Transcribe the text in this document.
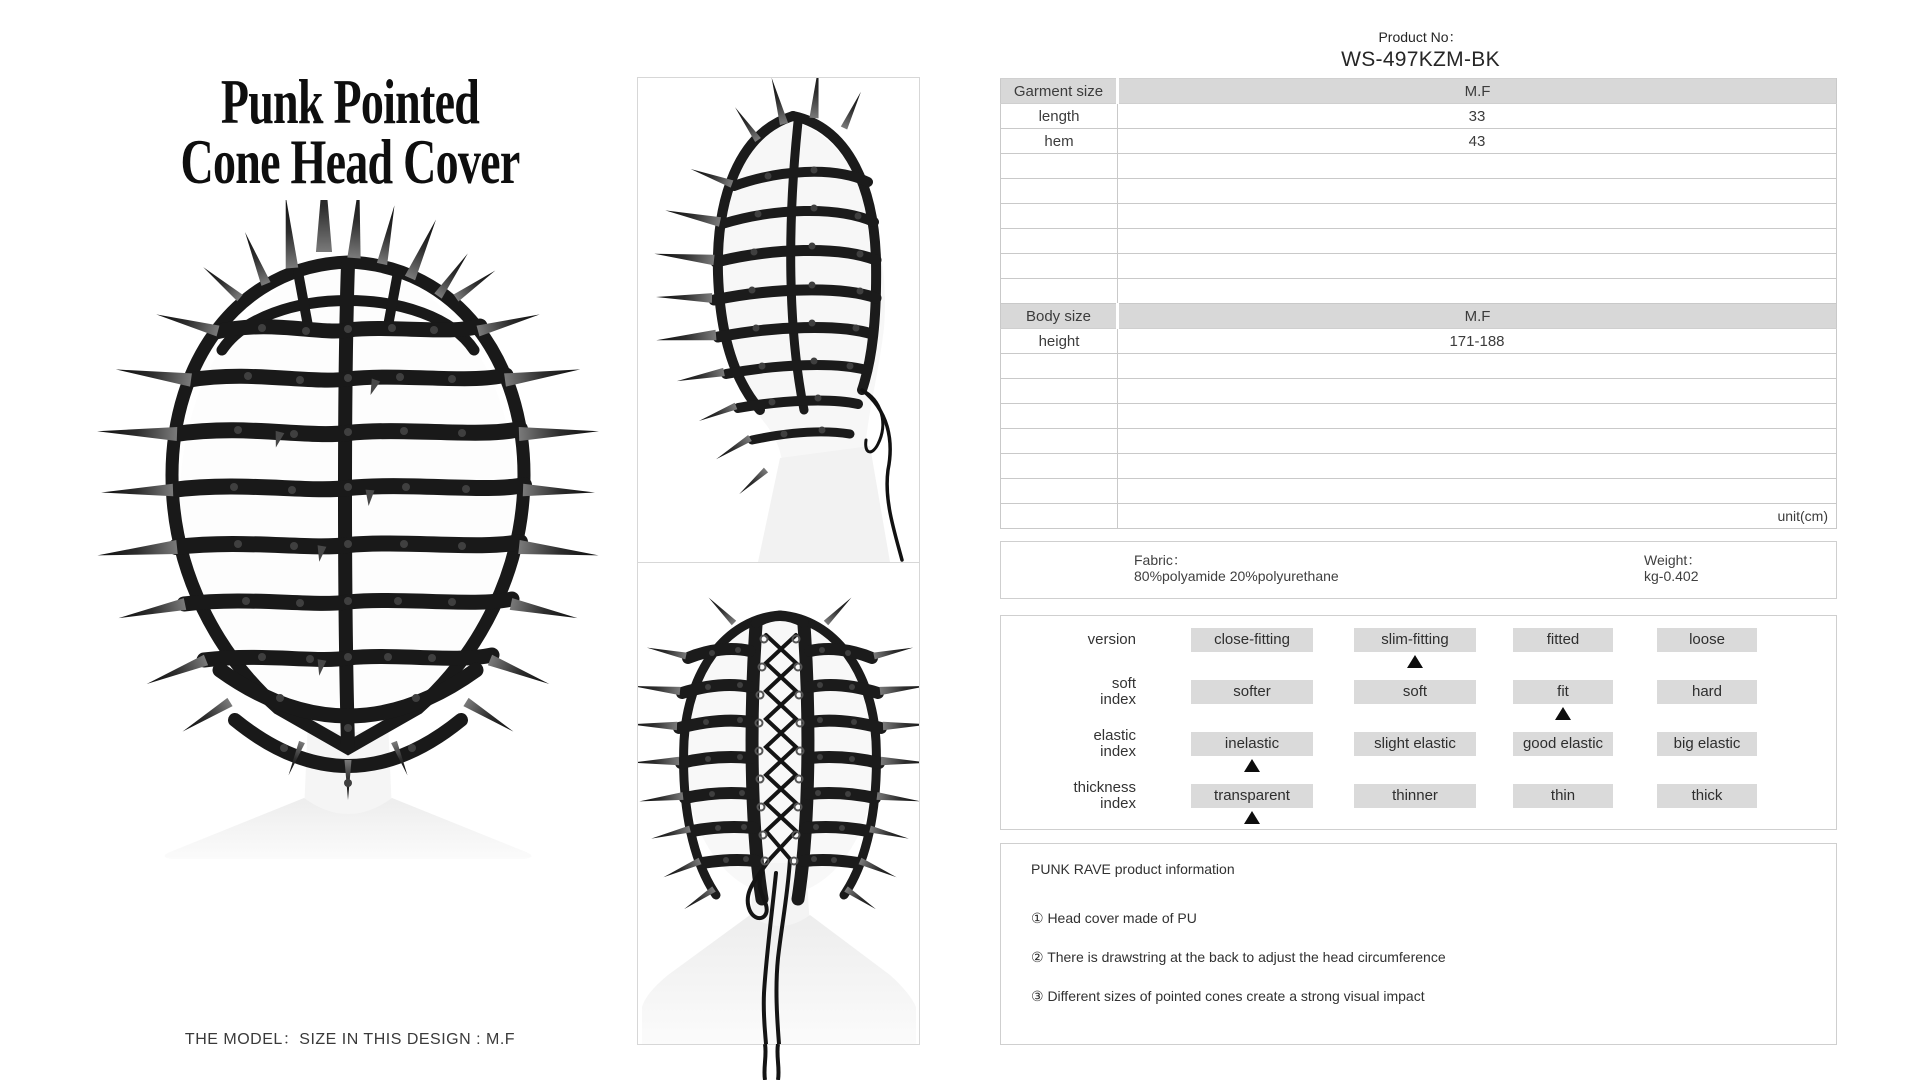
Punk Pointed
Cone Head Cover
THE MODEL：SIZE IN THIS DESIGN : M.F
Product No：
WS-497KZM-BK
Garment size	M.F
length	33
hem	43

Body size	M.F
height	171-188

	unit(cm)
Fabric：
80%polyamide 20%polyurethane
Weight：
kg-0.402
version	close-fitting	slim-fitting	fitted	loose
soft
index	softer	soft	fit	hard
elastic
index	inelastic	slight elastic	good elastic	big elastic
thickness
index	transparent	thinner	thin	thick
PUNK RAVE product information
① Head cover made of PU
② There is drawstring at the back to adjust the head circumference
③ Different sizes of pointed cones create a strong visual impact
